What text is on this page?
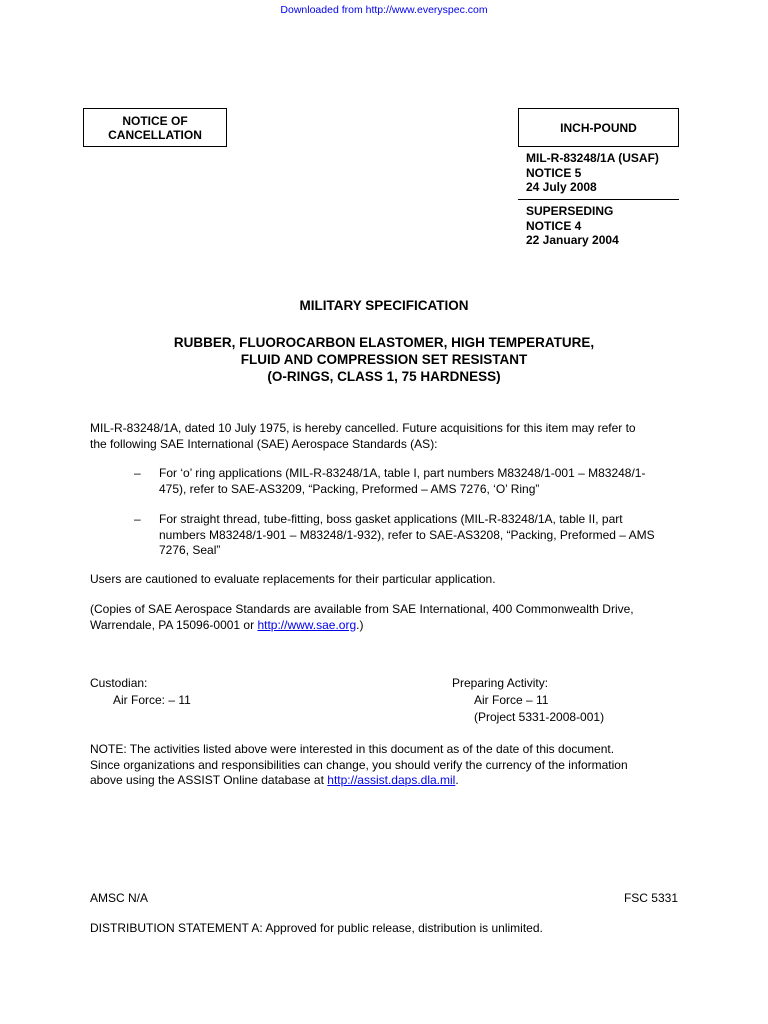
Downloaded from http://www.everyspec.com
NOTICE OF
CANCELLATION	INCH-POUND
MIL-R-83248/1A (USAF)
NOTICE 5
24 July 2008
SUPERSEDING
NOTICE 4
22 January 2004
MILITARY SPECIFICATION
RUBBER, FLUOROCARBON ELASTOMER, HIGH TEMPERATURE,
FLUID AND COMPRESSION SET RESISTANT
(O-RINGS, CLASS 1, 75 HARDNESS)
MIL-R-83248/1A, dated 10 July 1975, is hereby cancelled. Future acquisitions for this item may refer to
the following SAE International (SAE) Aerospace Standards (AS):
– For ‘o’ ring applications (MIL-R-83248/1A, table I, part numbers M83248/1-001 – M83248/1-
475), refer to SAE-AS3209, “Packing, Preformed – AMS 7276, ‘O’ Ring”
– For straight thread, tube-fitting, boss gasket applications (MIL-R-83248/1A, table II, part
numbers M83248/1-901 – M83248/1-932), refer to SAE-AS3208, “Packing, Preformed – AMS
7276, Seal”
Users are cautioned to evaluate replacements for their particular application.
(Copies of SAE Aerospace Standards are available from SAE International, 400 Commonwealth Drive,
Warrendale, PA 15096-0001 or http://www.sae.org.)
Custodian:
Air Force: – 11
Preparing Activity:
Air Force – 11
(Project 5331-2008-001)
NOTE: The activities listed above were interested in this document as of the date of this document.
Since organizations and responsibilities can change, you should verify the currency of the information
above using the ASSIST Online database at http://assist.daps.dla.mil.
AMSC N/A	FSC 5331
DISTRIBUTION STATEMENT A: Approved for public release, distribution is unlimited.
